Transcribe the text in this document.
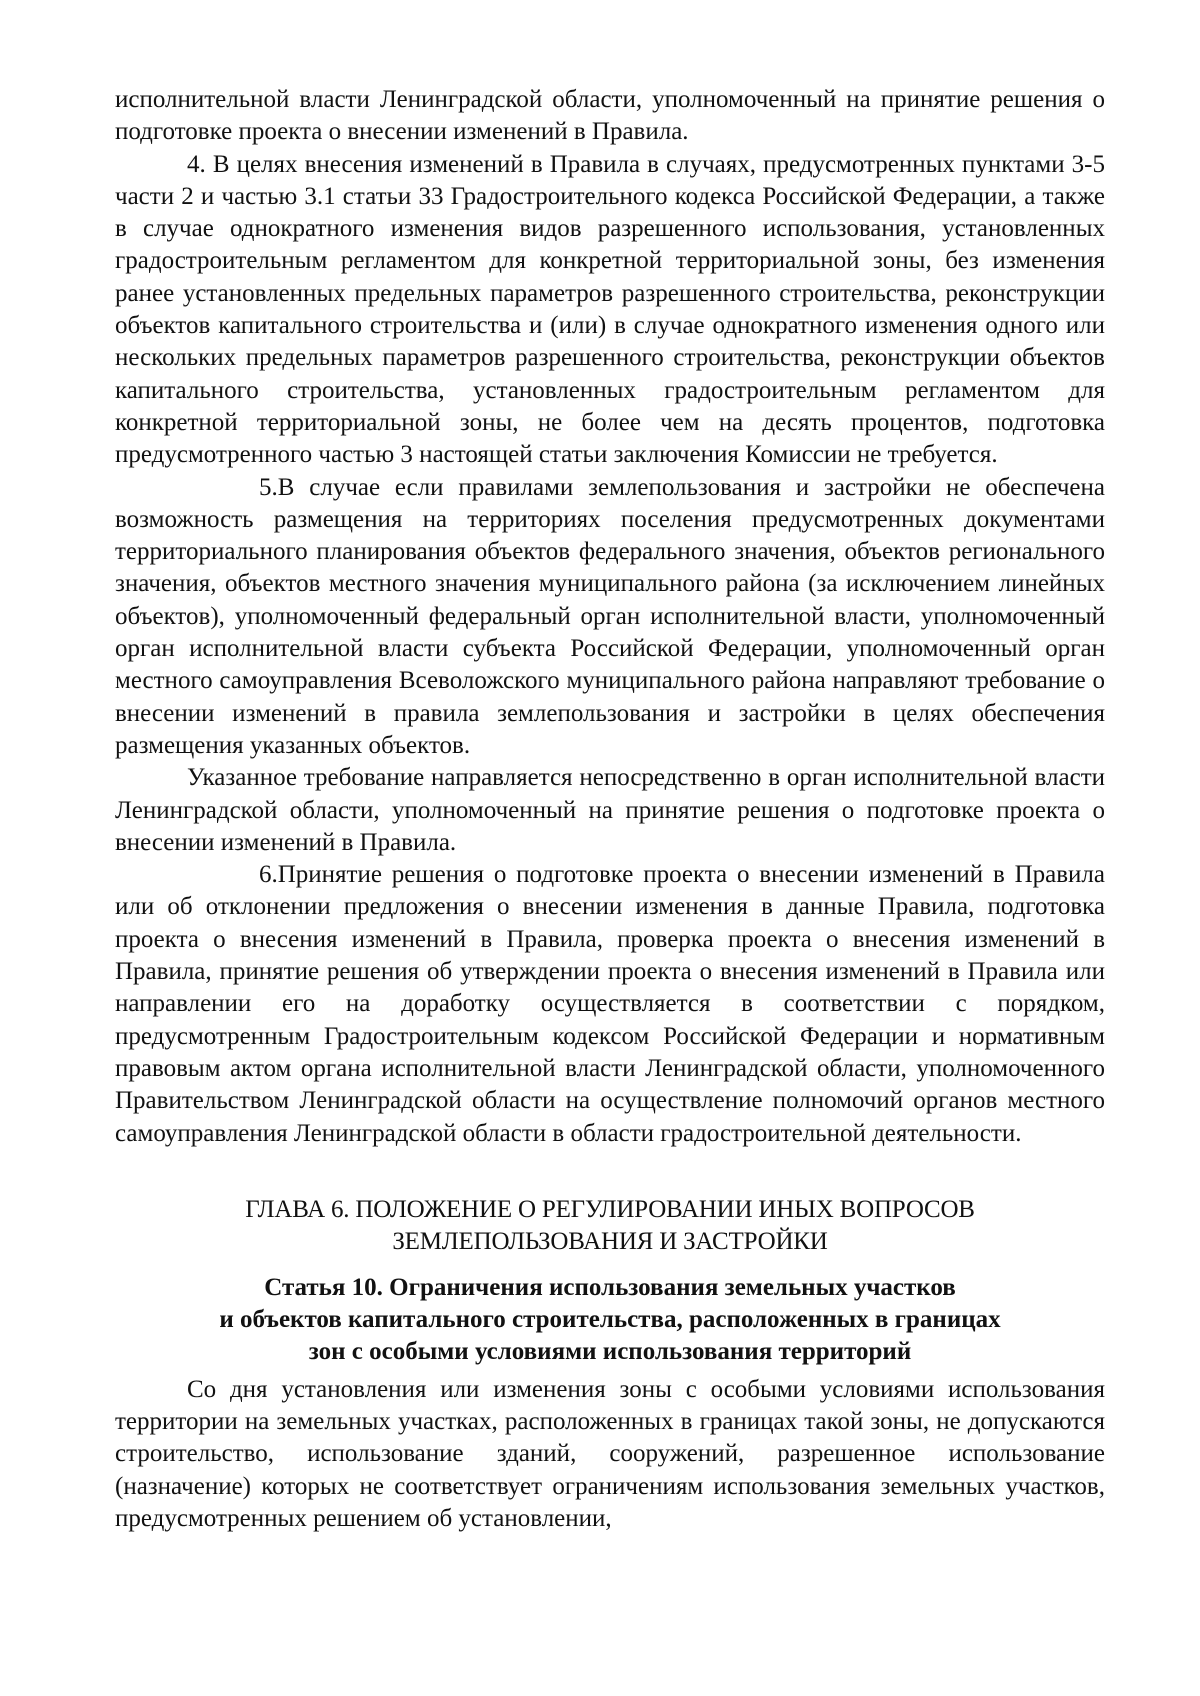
исполнительной власти Ленинградской области, уполномоченный на принятие решения о подготовке проекта о внесении изменений в Правила.

4. В целях внесения изменений в Правила в случаях, предусмотренных пунктами 3-5 части 2 и частью 3.1 статьи 33 Градостроительного кодекса Российской Федерации, а также в случае однократного изменения видов разрешенного использования, установленных градостроительным регламентом для конкретной территориальной зоны, без изменения ранее установленных предельных параметров разрешенного строительства, реконструкции объектов капитального строительства и (или) в случае однократного изменения одного или нескольких предельных параметров разрешенного строительства, реконструкции объектов капитального строительства, установленных градостроительным регламентом для конкретной территориальной зоны, не более чем на десять процентов, подготовка предусмотренного частью 3 настоящей статьи заключения Комиссии не требуется.

5.В случае если правилами землепользования и застройки не обеспечена возможность размещения на территориях поселения предусмотренных документами территориального планирования объектов федерального значения, объектов регионального значения, объектов местного значения муниципального района (за исключением линейных объектов), уполномоченный федеральный орган исполнительной власти, уполномоченный орган исполнительной власти субъекта Российской Федерации, уполномоченный орган местного самоуправления Всеволожского муниципального района направляют требование о внесении изменений в правила землепользования и застройки в целях обеспечения размещения указанных объектов.

Указанное требование направляется непосредственно в орган исполнительной власти Ленинградской области, уполномоченный на принятие решения о подготовке проекта о внесении изменений в Правила.

6.Принятие решения о подготовке проекта о внесении изменений в Правила или об отклонении предложения о внесении изменения в данные Правила, подготовка проекта о внесения изменений в Правила, проверка проекта о внесения изменений в Правила, принятие решения об утверждении проекта о внесения изменений в Правила или направлении его на доработку осуществляется в соответствии с порядком, предусмотренным Градостроительным кодексом Российской Федерации и нормативным правовым актом органа исполнительной власти Ленинградской области, уполномоченного Правительством Ленинградской области на осуществление полномочий органов местного самоуправления Ленинградской области в области градостроительной деятельности.

ГЛАВА 6. ПОЛОЖЕНИЕ О РЕГУЛИРОВАНИИ ИНЫХ ВОПРОСОВ
ЗЕМЛЕПОЛЬЗОВАНИЯ И ЗАСТРОЙКИ
Статья 10. Ограничения использования земельных участков
и объектов капитального строительства, расположенных в границах
зон с особыми условиями использования территорий

Со дня установления или изменения зоны с особыми условиями использования территории на земельных участках, расположенных в границах такой зоны, не допускаются строительство, использование зданий, сооружений, разрешенное использование (назначение) которых не соответствует ограничениям использования земельных участков, предусмотренных решением об установлении,
